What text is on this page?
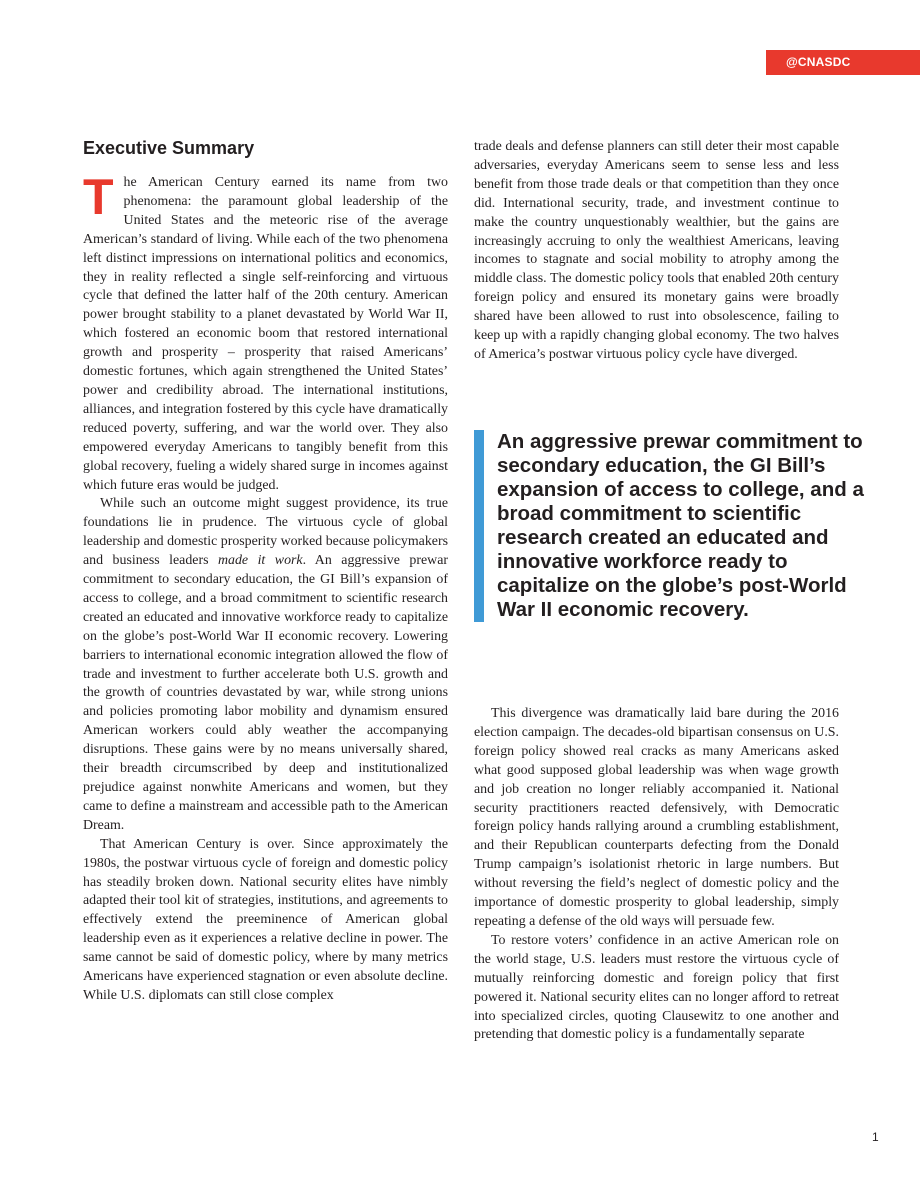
@CNASDC
Executive Summary

The American Century earned its name from two phenomena: the paramount global leadership of the United States and the meteoric rise of the average American’s standard of living. While each of the two phenomena left distinct impressions on international politics and economics, they in reality reflected a single self-reinforcing and virtuous cycle that defined the latter half of the 20th century. American power brought stability to a planet devastated by World War II, which fostered an economic boom that restored international growth and prosperity – prosperity that raised Americans’ domestic fortunes, which again strengthened the United States’ power and credibility abroad. The international institutions, alliances, and integration fostered by this cycle have dramatically reduced poverty, suffering, and war the world over. They also empowered everyday Americans to tangibly benefit from this global recovery, fueling a widely shared surge in incomes against which future eras would be judged.

While such an outcome might suggest providence, its true foundations lie in prudence. The virtuous cycle of global leadership and domestic prosperity worked because policymakers and business leaders made it work. An aggressive prewar commitment to secondary education, the GI Bill’s expansion of access to college, and a broad commitment to scientific research created an educated and innovative workforce ready to capitalize on the globe’s post-World War II economic recovery. Lowering barriers to international economic integration allowed the flow of trade and investment to further accelerate both U.S. growth and the growth of countries devastated by war, while strong unions and policies promoting labor mobility and dynamism ensured American workers could ably weather the accompanying disruptions. These gains were by no means universally shared, their breadth circumscribed by deep and institutionalized prejudice against nonwhite Americans and women, but they came to define a mainstream and accessible path to the American Dream.

That American Century is over. Since approximately the 1980s, the postwar virtuous cycle of foreign and domestic policy has steadily broken down. National security elites have nimbly adapted their tool kit of strategies, institutions, and agreements to effectively extend the preeminence of American global leadership even as it experiences a relative decline in power. The same cannot be said of domestic policy, where by many metrics Americans have experienced stagnation or even absolute decline. While U.S. diplomats can still close complex

trade deals and defense planners can still deter their most capable adversaries, everyday Americans seem to sense less and less benefit from those trade deals or that competition than they once did. International security, trade, and investment continue to make the country unquestionably wealthier, but the gains are increasingly accruing to only the wealthiest Americans, leaving incomes to stagnate and social mobility to atrophy among the middle class. The domestic policy tools that enabled 20th century foreign policy and ensured its monetary gains were broadly shared have been allowed to rust into obsolescence, failing to keep up with a rapidly changing global economy. The two halves of America’s postwar virtuous policy cycle have diverged.

An aggressive prewar commitment to secondary education, the GI Bill’s expansion of access to college, and a broad commitment to scientific research created an educated and innovative workforce ready to capitalize on the globe’s post-World War II economic recovery.

This divergence was dramatically laid bare during the 2016 election campaign. The decades-old bipartisan consensus on U.S. foreign policy showed real cracks as many Americans asked what good supposed global leadership was when wage growth and job creation no longer reliably accompanied it. National security practitioners reacted defensively, with Democratic foreign policy hands rallying around a crumbling establishment, and their Republican counterparts defecting from the Donald Trump campaign’s isolationist rhetoric in large numbers. But without reversing the field’s neglect of domestic policy and the importance of domestic prosperity to global leadership, simply repeating a defense of the old ways will persuade few.

To restore voters’ confidence in an active American role on the world stage, U.S. leaders must restore the virtuous cycle of mutually reinforcing domestic and foreign policy that first powered it. National security elites can no longer afford to retreat into specialized circles, quoting Clausewitz to one another and pretending that domestic policy is a fundamentally separate

1
